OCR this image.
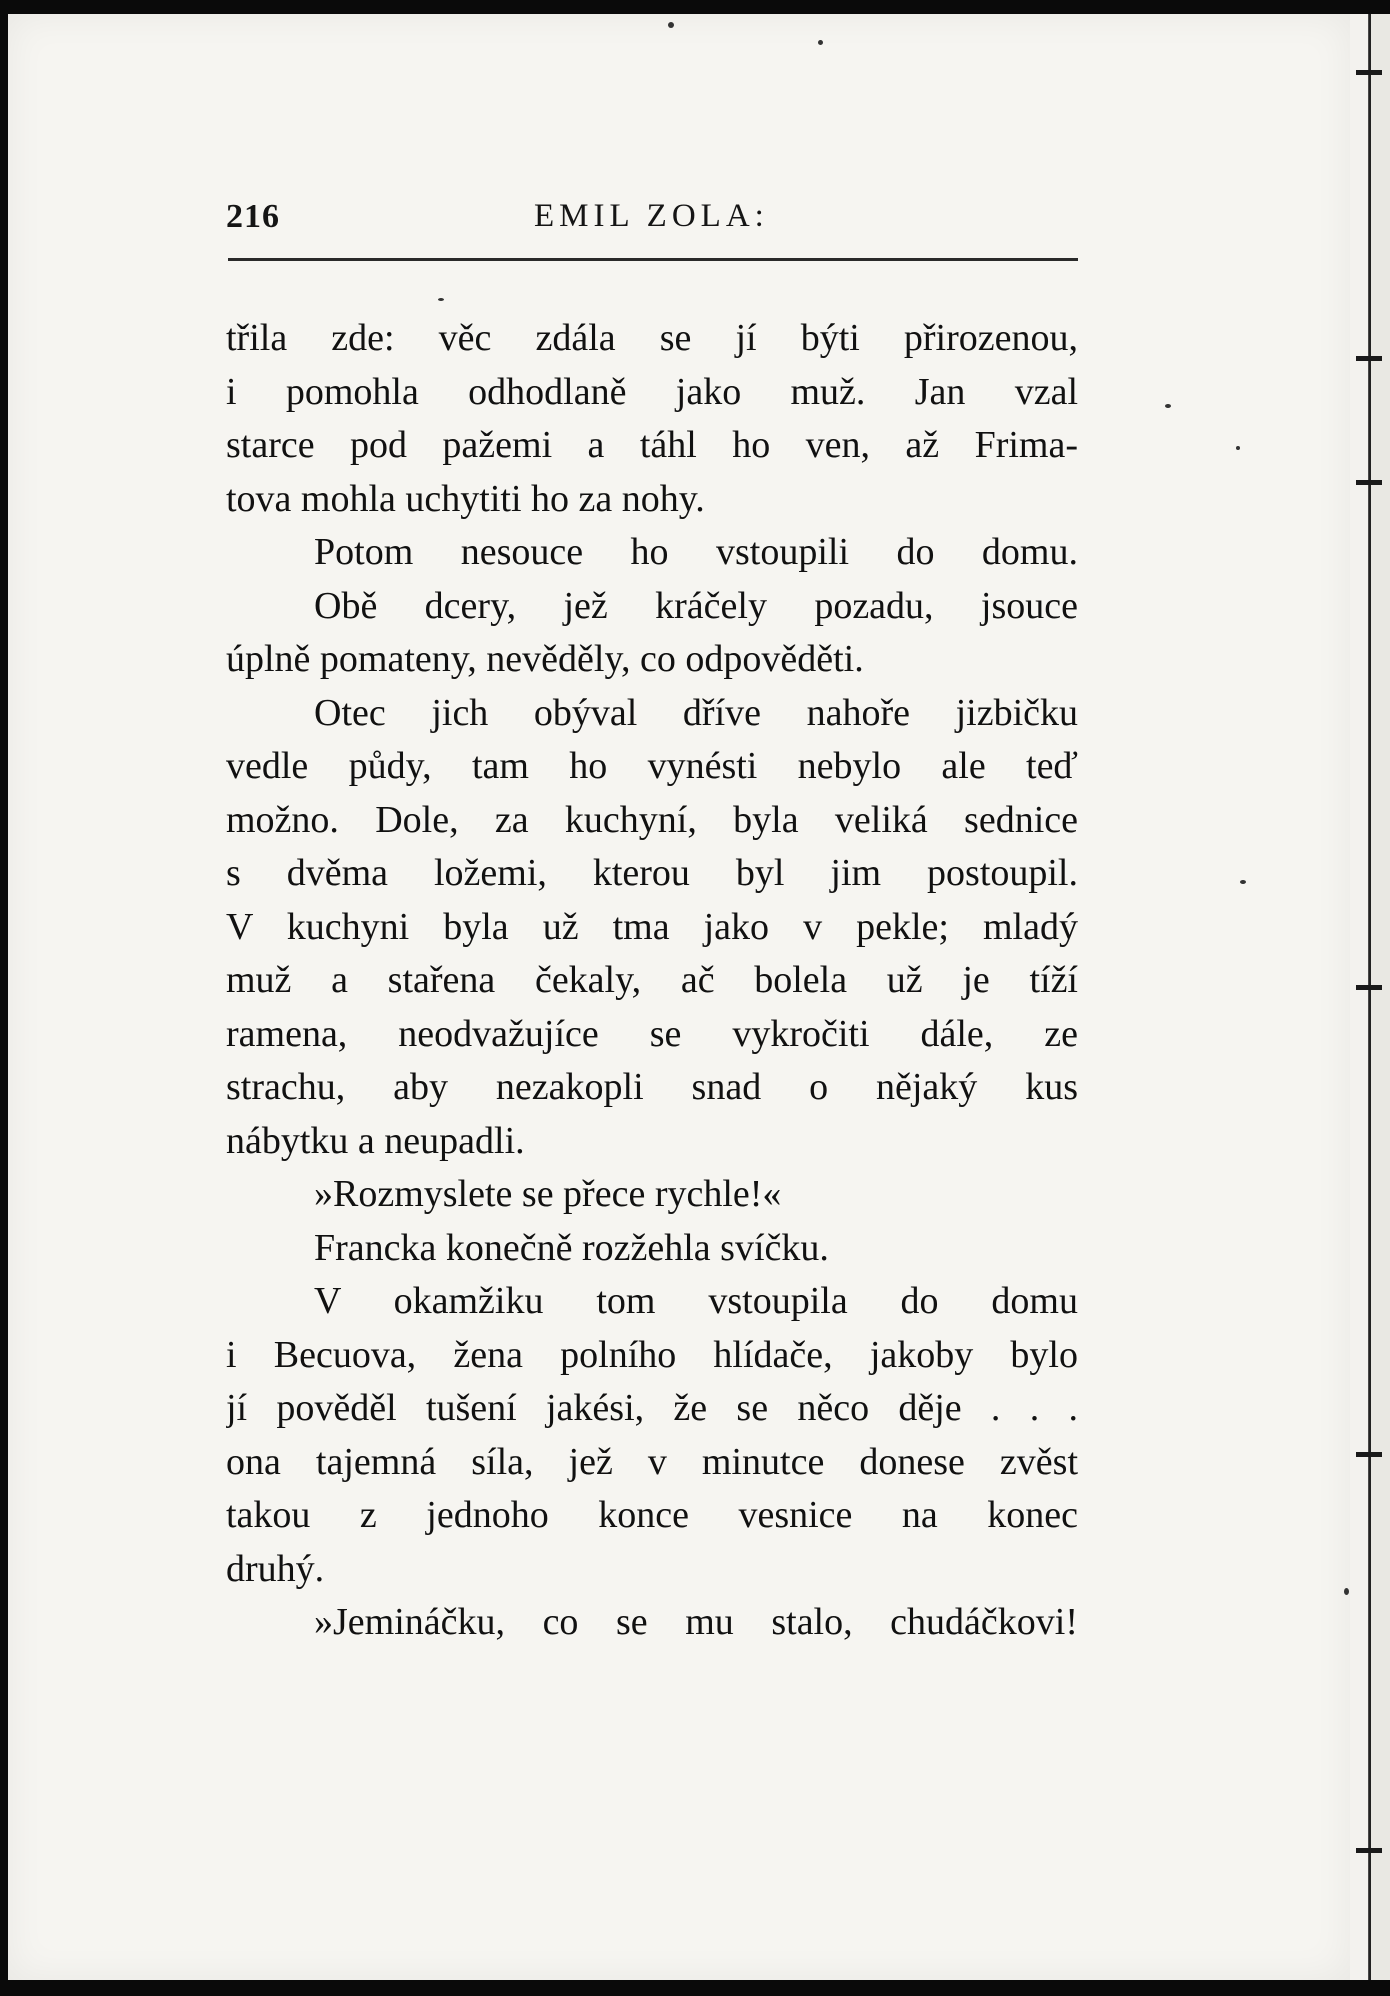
216	EMIL ZOLA:
třila zde: věc zdála se jí býti přirozenou,
i pomohla odhodlaně jako muž. Jan vzal
starce pod pažemi a táhl ho ven, až Frima-
tova mohla uchytiti ho za nohy.
Potom nesouce ho vstoupili do domu.
Obě dcery, jež kráčely pozadu, jsouce
úplně pomateny, nevěděly, co odpověděti.
Otec jich obýval dříve nahoře jizbičku
vedle půdy, tam ho vynésti nebylo ale teď
možno. Dole, za kuchyní, byla veliká sednice
s dvěma ložemi, kterou byl jim postoupil.
V kuchyni byla už tma jako v pekle; mladý
muž a stařena čekaly, ač bolela už je tíží
ramena, neodvažujíce se vykročiti dále, ze
strachu, aby nezakopli snad o nějaký kus
nábytku a neupadli.
»Rozmyslete se přece rychle!«
Francka konečně rozžehla svíčku.
V okamžiku tom vstoupila do domu
i Becuova, žena polního hlídače, jakoby bylo
jí pověděl tušení jakési, že se něco děje . . .
ona tajemná síla, jež v minutce donese zvěst
takou z jednoho konce vesnice na konec
druhý.
»Jemináčku, co se mu stalo, chudáčkovi!
